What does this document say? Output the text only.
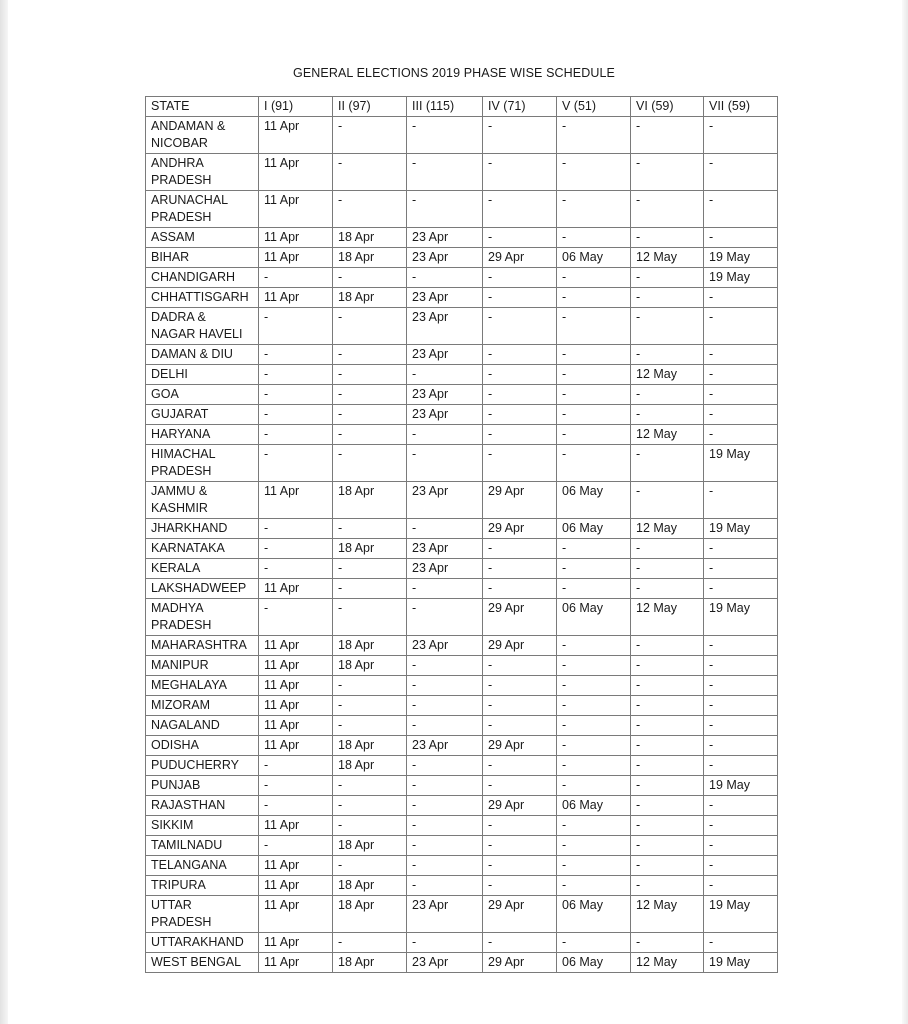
GENERAL ELECTIONS 2019 PHASE WISE SCHEDULE
STATE	I (91)	II (97)	III (115)	IV (71)	V (51)	VI (59)	VII (59)
ANDAMAN & NICOBAR	11 Apr	-	-	-	-	-	-
ANDHRA PRADESH	11 Apr	-	-	-	-	-	-
ARUNACHAL PRADESH	11 Apr	-	-	-	-	-	-
ASSAM	11 Apr	18 Apr	23 Apr	-	-	-	-
BIHAR	11 Apr	18 Apr	23 Apr	29 Apr	06 May	12 May	19 May
CHANDIGARH	-	-	-	-	-	-	19 May
CHHATTISGARH	11 Apr	18 Apr	23 Apr	-	-	-	-
DADRA & NAGAR HAVELI	-	-	23 Apr	-	-	-	-
DAMAN & DIU	-	-	23 Apr	-	-	-	-
DELHI	-	-	-	-	-	12 May	-
GOA	-	-	23 Apr	-	-	-	-
GUJARAT	-	-	23 Apr	-	-	-	-
HARYANA	-	-	-	-	-	12 May	-
HIMACHAL PRADESH	-	-	-	-	-	-	19 May
JAMMU & KASHMIR	11 Apr	18 Apr	23 Apr	29 Apr	06 May	-	-
JHARKHAND	-	-	-	29 Apr	06 May	12 May	19 May
KARNATAKA	-	18 Apr	23 Apr	-	-	-	-
KERALA	-	-	23 Apr	-	-	-	-
LAKSHADWEEP	11 Apr	-	-	-	-	-	-
MADHYA PRADESH	-	-	-	29 Apr	06 May	12 May	19 May
MAHARASHTRA	11 Apr	18 Apr	23 Apr	29 Apr	-	-	-
MANIPUR	11 Apr	18 Apr	-	-	-	-	-
MEGHALAYA	11 Apr	-	-	-	-	-	-
MIZORAM	11 Apr	-	-	-	-	-	-
NAGALAND	11 Apr	-	-	-	-	-	-
ODISHA	11 Apr	18 Apr	23 Apr	29 Apr	-	-	-
PUDUCHERRY	-	18 Apr	-	-	-	-	-
PUNJAB	-	-	-	-	-	-	19 May
RAJASTHAN	-	-	-	29 Apr	06 May	-	-
SIKKIM	11 Apr	-	-	-	-	-	-
TAMILNADU	-	18 Apr	-	-	-	-	-
TELANGANA	11 Apr	-	-	-	-	-	-
TRIPURA	11 Apr	18 Apr	-	-	-	-	-
UTTAR PRADESH	11 Apr	18 Apr	23 Apr	29 Apr	06 May	12 May	19 May
UTTARAKHAND	11 Apr	-	-	-	-	-	-
WEST BENGAL	11 Apr	18 Apr	23 Apr	29 Apr	06 May	12 May	19 May
